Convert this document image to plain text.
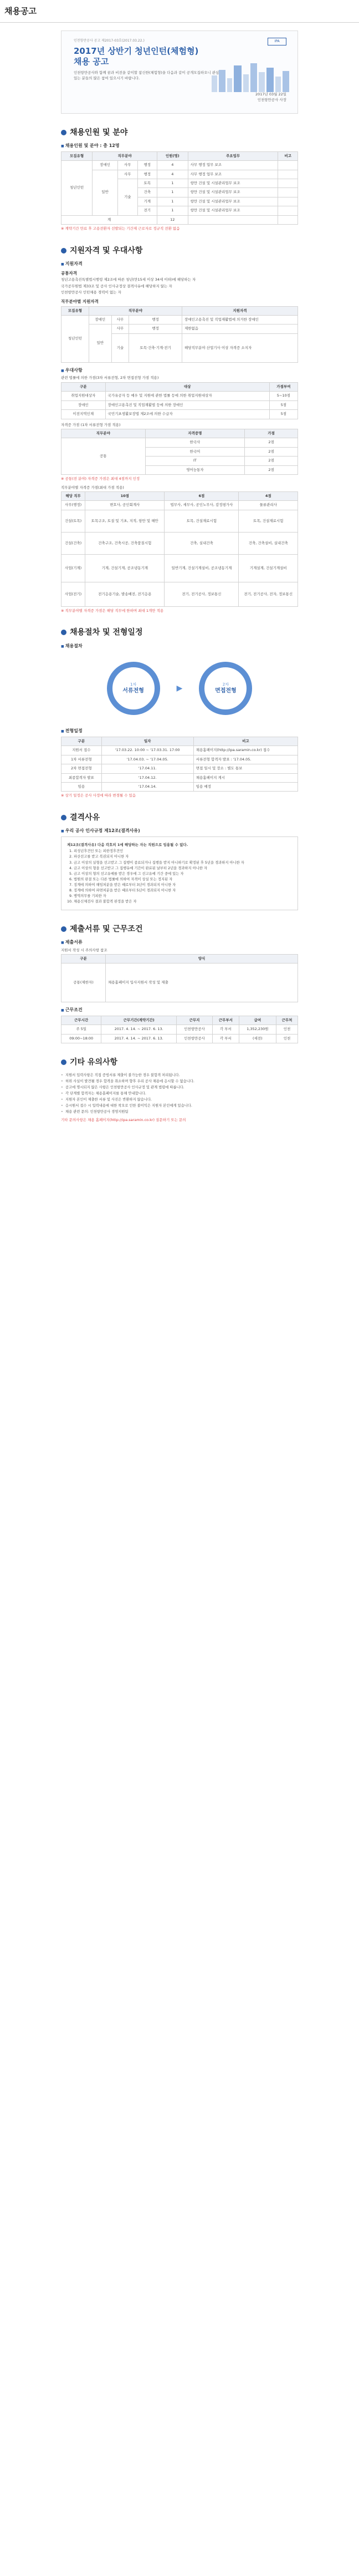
채용공고
인천항만공사 공고 제2017-03호(2017.03.22.)	IPA
2017년 상반기 청년인턴(체험형)
채용 공고
인천항만공사와 함께 꿈과 비전을 같이할 참신한(체험형)을 다음과 같이 공개모집하오니 관심 있는 분들의 많은 참여 있으시기 바랍니다.
2017년 03월 22일
인천항만공사 사장
채용인원 및 분야
■ 채용인원 및 분야 : 총 12명
모집유형	직무분야			인원(명)	주요업무	비고
청년인턴	장애인	사무	행정	4	사무 행정 업무 보조	
	일반	사무	행정	4	사무 행정 업무 보조	
		기술	토목	1	항만 건설 및 시설관리업무 보조	
			건축	1	항만 건설 및 시설관리업무 보조	
			기계	1	항만 건설 및 시설관리업무 보조	
			전기	1	항만 건설 및 시설관리업무 보조	
계				12		
※ 계약기간 만료 후 고용전환자 선발되는 기간제 근로자로 정규직 전환 없음
지원자격 및 우대사항
■ 지원자격
공통자격
청년고용촉진특별법시행령 제2조에 따른 청년(만15세 이상 34세 이하)에 해당하는 자
국가공무원법 제33조 및 공사 인사규정상 결격사유에 해당하지 않는 자
인천항만공사 인턴채용 경력이 없는 자
직무분야별 지원자격
모집유형	직무분야			지원자격
청년인턴	장애인	사무	행정	장애인고용촉진 및 직업재활법에 의거한 장애인
	일반	사무	행정	제한없음
		기술	토목·건축·기계·전기	해당직무분야 산업기사 이상 자격증 소지자
■ 우대사항
관련 법률에 의한 가점(3차 서류전형, 2차 면접전형 가점 적용)
구분	대상	가점부여
취업지원대상자	국가유공자 등 예우 및 지원에 관한 법률 등에 의한 취업지원대상자	5~10점
장애인	장애인고용촉진 및 직업재활법 등에 의한 장애인	5점
이전지역인재	국민기초생활보장법 제2조에 의한 수급자	5점
자격증 가점 (1차 서류전형 가점 적용)
직무분야	자격증명	가점
공통	한국사	2점
	한국어	2점
	IT	2점
	영어능통자	2점
※ 공통(전 분야) 자격증 가점은 최대 4점까지 인정
직무분야별 자격증 가점(최대 가점 적용)
해당 직무	10점	6점	4점
사무(행정)	변호사, 공인회계사	법무사, 세무사, 공인노무사, 감정평가사	물류관리사
건설(토목)	토목구조, 토질 및 기초, 지적, 항만 및 해안	토목, 건설재료시험	토목, 건설재료시험
건설(건축)	건축구조, 건축시공, 건축품질시험	건축, 실내건축	건축, 건축설비, 실내건축
사업(기계)	기계, 건설기계, 공조냉동기계	일반기계, 건설기계설비, 공조냉동기계	기계설계, 건설기계설비
사업(전기)	전기응용기술, 발송배전, 전기응용	전기, 전기공사, 정보통신	전기, 전기공사, 전자, 정보통신
※ 직무분야별 자격증 가점은 해당 직무에 한하며 최대 1개만 적용
채용절차 및 전형일정
■ 채용절차
1차
서류전형	▶	2차
면접전형
■ 전형일정
구분	일자	비고
지원서 접수	'17.03.22. 10:00 ~ '17.03.31. 17:00	채용홈페이지(http://ipa.saramin.co.kr) 접수
1차 서류전형	'17.04.03. ~ '17.04.05.	서류전형 합격자 발표 : '17.04.05.
2차 면접전형	'17.04.11.	면접 일시 및 장소 : 별도 통보
최종합격자 발표	'17.04.12.	채용홈페이지 게시
임용	'17.04.14.	임용 예정
※ 상기 일정은 공사 사정에 따라 변경될 수 있음
결격사유
■ 우리 공사 인사규정 제12조(결격사유)
제12조(결격사유) 다음 각호의 1에 해당하는 자는 직원으로 임용될 수 없다.
1. 피성년후견인 또는 피한정후견인
2. 파산선고를 받고 복권되지 아니한 자
3. 금고 이상의 실형을 선고받고 그 집행이 종료되거나 집행을 받지 아니하기로 확정된 후 5년을 경과하지 아니한 자
4. 금고 이상의 형을 선고받고 그 집행유예 기간이 완료된 날부터 2년을 경과하지 아니한 자
5. 금고 이상의 형의 선고유예를 받은 경우에 그 선고유예 기간 중에 있는 자
6. 법원의 판결 또는 다른 법률에 의하여 자격이 상실 또는 정지된 자
7. 징계에 의하여 해임처분을 받은 때로부터 3년이 경과되지 아니한 자
8. 징계에 의하여 파면처분을 받은 때로부터 5년이 경과되지 아니한 자
9. 병역의무를 기피한 자
10. 채용신체검사 결과 불합격 판정을 받은 자
제출서류 및 근무조건
■ 제출서류
지원서 작성 시 주의사항 참조
구분	양식
공통(제한자)	채용홈페이지 입사지원서 작성 및 제출
■ 근무조건
근무시간	근무기간(계약기간)	근무지	근무부서	급여	근무처
주 5일	2017. 4. 14. ~ 2017. 6. 13.	인천항만공사	각 부서	1,352,230원	인천
09:00~18:00	2017. 4. 14. ~ 2017. 6. 13.	인천항만공사	각 부서	(세전)	인천
기타 유의사항
• 지원서 입력사항은 직접 증빙서류 제출이 불가능한 경우 불합격 처리됩니다.
• 허위 사실이 발견될 경우 합격을 취소하며 향후 우리 공사 채용에 응시할 수 없습니다.
• 공고에 명시되지 않은 사항은 인천항만공사 인사규정 및 관계 법령에 따릅니다.
• 각 단계별 합격자는 채용홈페이지를 통해 안내합니다.
• 지원자 본인이 제출한 서류 및 사진은 반환하지 않습니다.
• 응시원서 접수 시 입력내용에 대한 착오로 인한 불이익은 지원자 본인에게 있습니다.
• 채용 관련 문의: 인천항만공사 경영지원팀
기타 문의사항은 채용 홈페이지(http://ipa.saramin.co.kr) 질문하기 또는 문의
